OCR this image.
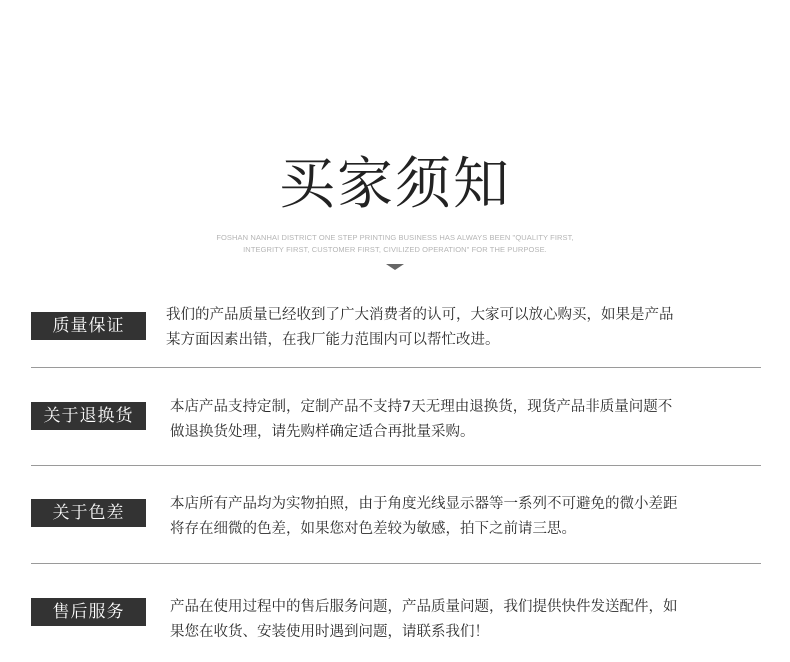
买家须知
FOSHAN NANHAI DISTRICT ONE STEP PRINTING BUSINESS HAS ALWAYS BEEN "QUALITY FIRST,
INTEGRITY FIRST, CUSTOMER FIRST, CIVILIZED OPERATION" FOR THE PURPOSE.
质量保证
我们的产品质量已经收到了广大消费者的认可，大家可以放心购买，如果是产品
某方面因素出错，在我厂能力范围内可以帮忙改进。
关于退换货	本店产品支持定制，定制产品不支持7天无理由退换货，现货产品非质量问题不
做退换货处理，请先购样确定适合再批量采购。
关于色差	本店所有产品均为实物拍照，由于角度光线显示器等一系列不可避免的微小差距
将存在细微的色差，如果您对色差较为敏感，拍下之前请三思。
售后服务	产品在使用过程中的售后服务问题，产品质量问题，我们提供快件发送配件，如
果您在收货、安装使用时遇到问题，请联系我们！
